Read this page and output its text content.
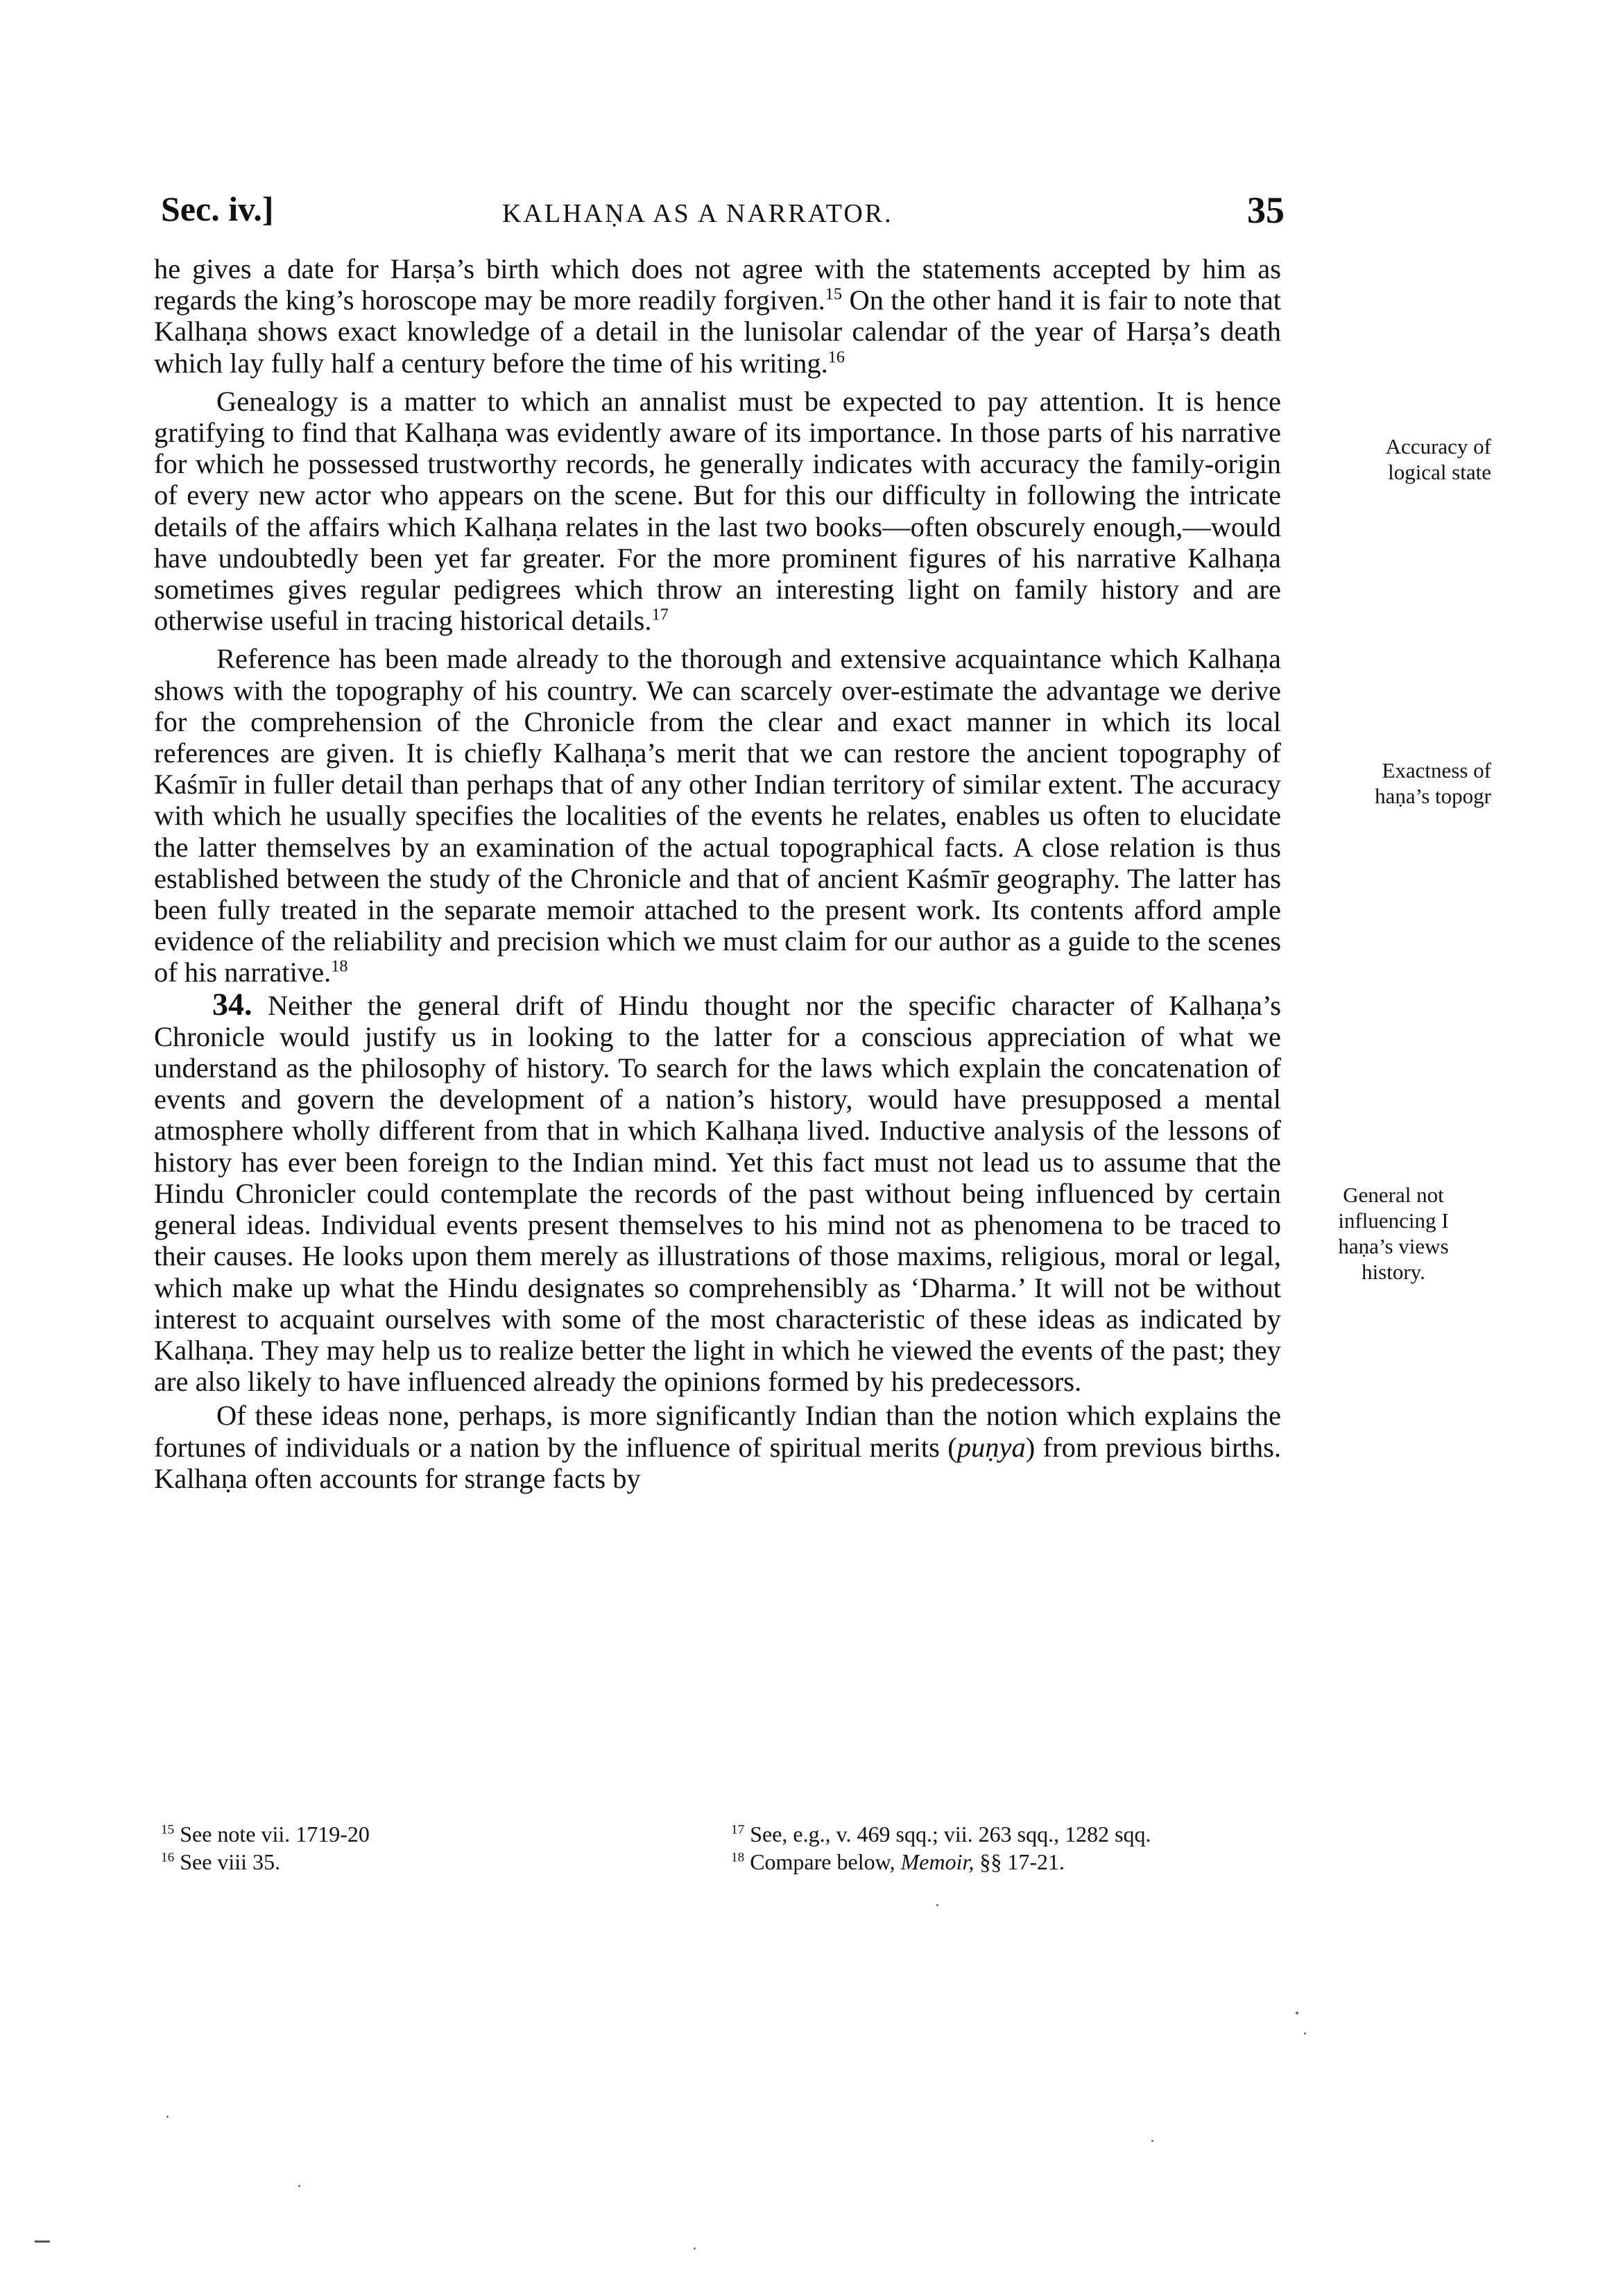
Sec. iv.]	KALHAṆA AS A NARRATOR.	35

he gives a date for Harṣa’s birth which does not agree with the statements accepted by him as regards the king’s horoscope may be more readily forgiven.$^{15}$ On the other hand it is fair to note that Kalhaṇa shows exact knowledge of a detail in the lunisolar calendar of the year of Harṣa’s death which lay fully half a century before the time of his writing.$^{16}$

Genealogy is a matter to which an annalist must be expected to pay attention. It is hence gratifying to find that Kalhaṇa was evidently aware of its importance. In those parts of his narrative for which he possessed trustworthy records, he generally indicates with accuracy the family-origin of every new actor who appears on the scene. But for this our difficulty in following the intricate details of the affairs which Kalhaṇa relates in the last two books—often obscurely enough,—would have undoubtedly been yet far greater. For the more prominent figures of his narrative Kalhaṇa sometimes gives regular pedigrees which throw an interesting light on family history and are otherwise useful in tracing historical details.$^{17}$

Reference has been made already to the thorough and extensive acquaintance which Kalhaṇa shows with the topography of his country. We can scarcely over-estimate the advantage we derive for the comprehension of the Chronicle from the clear and exact manner in which its local references are given. It is chiefly Kalhaṇa’s merit that we can restore the ancient topography of Kaśmīr in fuller detail than perhaps that of any other Indian territory of similar extent. The accuracy with which he usually specifies the localities of the events he relates, enables us often to elucidate the latter themselves by an examination of the actual topographical facts. A close relation is thus established between the study of the Chronicle and that of ancient Kaśmīr geography. The latter has been fully treated in the separate memoir attached to the present work. Its contents afford ample evidence of the reliability and precision which we must claim for our author as a guide to the scenes of his narrative.$^{18}$

34. Neither the general drift of Hindu thought nor the specific character of Kalhaṇa’s Chronicle would justify us in looking to the latter for a conscious appreciation of what we understand as the philosophy of history. To search for the laws which explain the concatenation of events and govern the development of a nation’s history, would have presupposed a mental atmosphere wholly different from that in which Kalhaṇa lived. Inductive analysis of the lessons of history has ever been foreign to the Indian mind. Yet this fact must not lead us to assume that the Hindu Chronicler could contemplate the records of the past without being influenced by certain general ideas. Individual events present themselves to his mind not as phenomena to be traced to their causes. He looks upon them merely as illustrations of those maxims, religious, moral or legal, which make up what the Hindu designates so comprehensibly as ‘Dharma.’ It will not be without interest to acquaint ourselves with some of the most characteristic of these ideas as indicated by Kalhaṇa. They may help us to realize better the light in which he viewed the events of the past; they are also likely to have influenced already the opinions formed by his predecessors.

Of these ideas none, perhaps, is more significantly Indian than the notion which explains the fortunes of individuals or a nation by the influence of spiritual merits (puṇya) from previous births. Kalhaṇa often accounts for strange facts by

Accuracy of
logical state
Exactness of
haṇa’s topogr
General not
influencing I
haṇa’s views
history.
$^{15}$ See note vii. 1719-20
$^{16}$ See viii 35.
$^{17}$ See, e.g., v. 469 sqq.; vii. 263 sqq., 1282 sqq.
$^{18}$ Compare below, Memoir, §§ 17-21.
